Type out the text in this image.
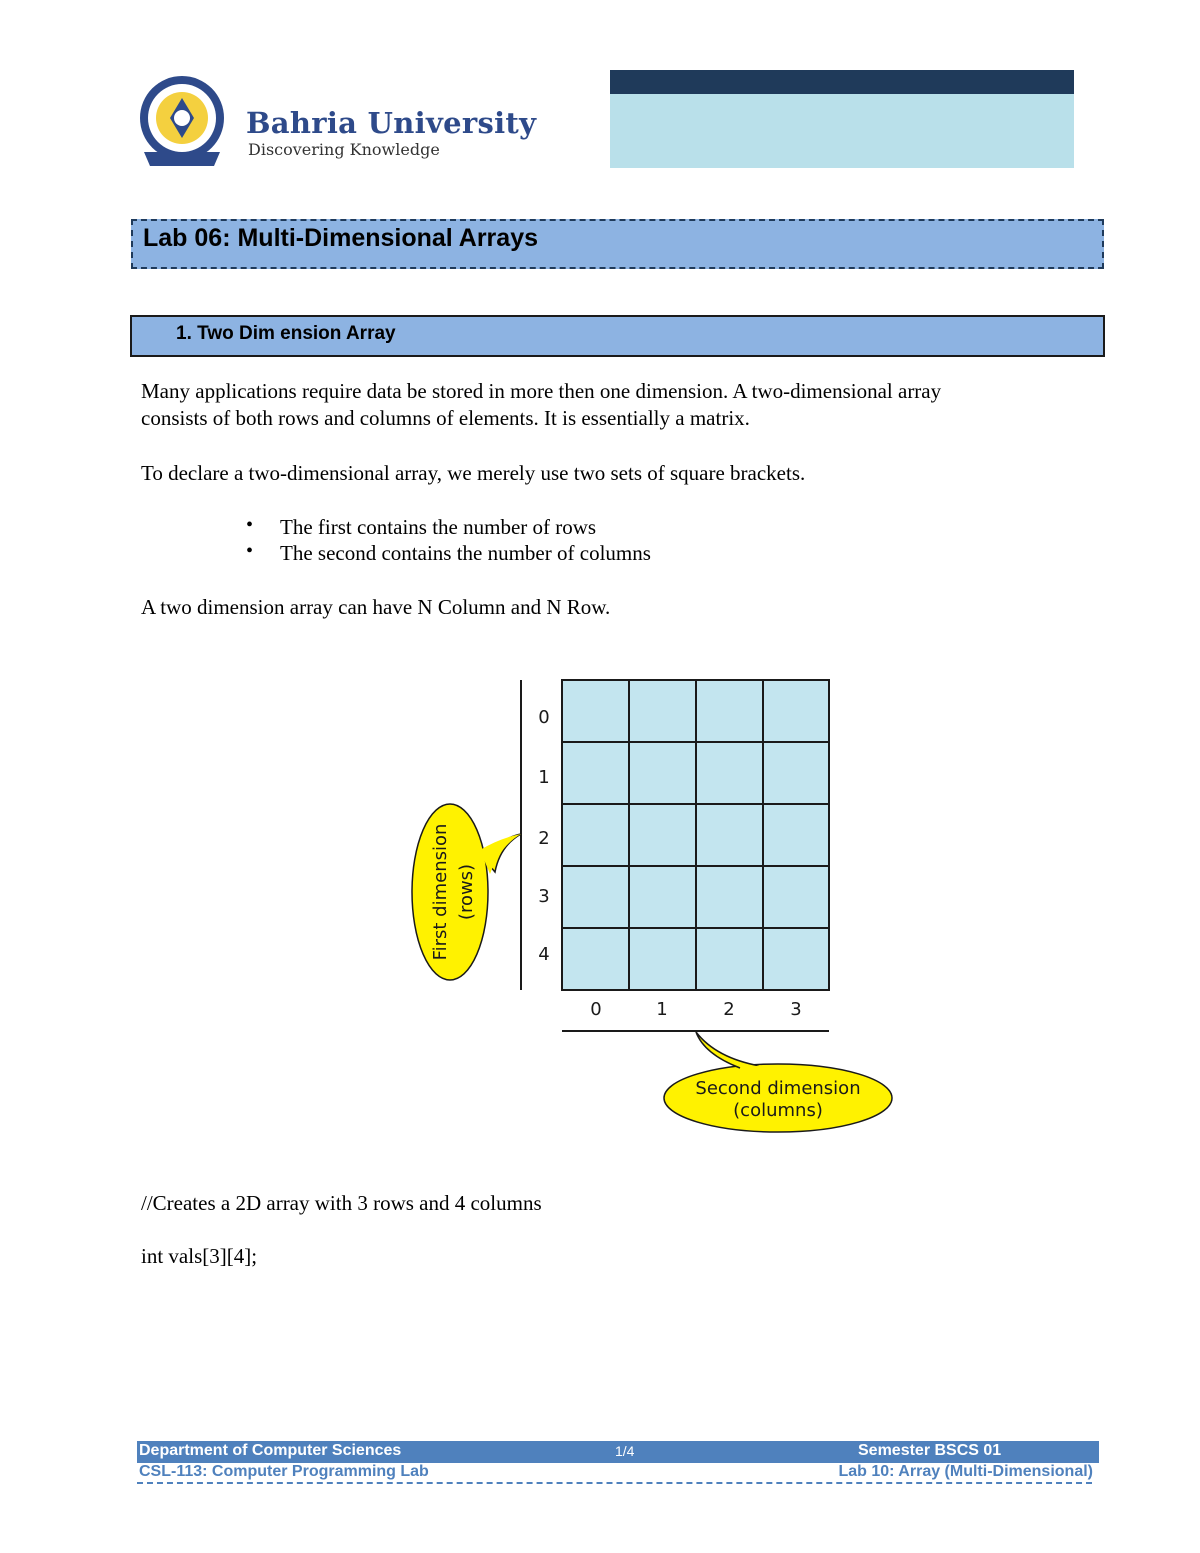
Bahria University
Discovering Knowledge
Lab 06: Multi-Dimensional Arrays
1. Two Dim ension Array
Many applications require data be stored in more then one dimension. A two-dimensional array
consists of both rows and columns of elements. It is essentially a matrix.
To declare a two-dimensional array, we merely use two sets of square brackets.
• The first contains the number of rows
• The second contains the number of columns
A two dimension array can have N Column and N Row.
0
1
2
3
4
0	1	2	3
First dimension (rows)
Second dimension
(columns)
//Creates a 2D array with 3 rows and 4 columns
int vals[3][4];
Department of Computer Sciences	1/4	Semester BSCS 01
CSL-113: Computer Programming Lab	Lab 10: Array (Multi-Dimensional)
